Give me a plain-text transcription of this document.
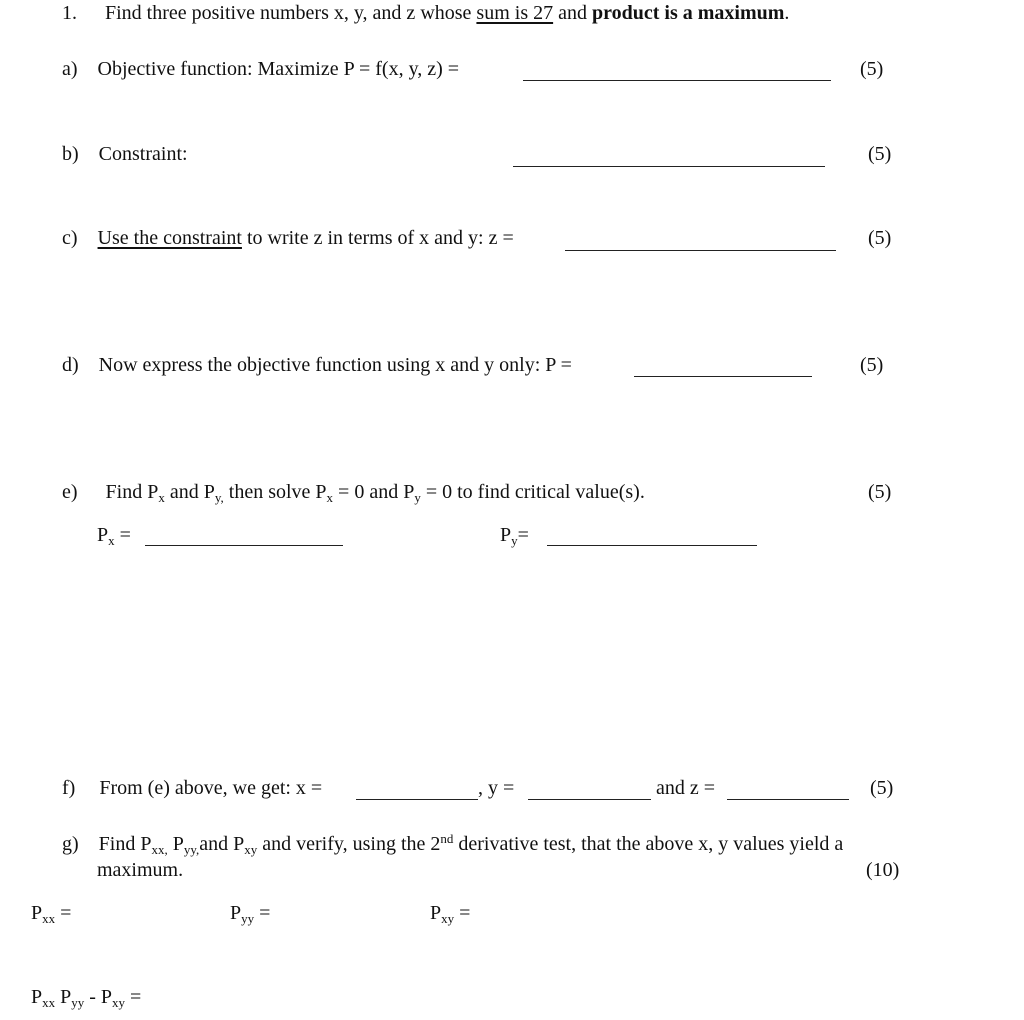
1. Find three positive numbers x, y, and z whose sum is 27 and product is a maximum.
a) Objective function: Maximize P = f(x, y, z) =	(5)
b) Constraint:	(5)
c) Use the constraint to write z in terms of x and y: z =	(5)
d) Now express the objective function using x and y only: P =	(5)
e) Find $P_x$ and $P_{y,}$ then solve $P_x = 0$ and $P_y = 0$ to find critical value(s).	(5)
$P_x$ =	$P_y=$
f) From (e) above, we get: x =	, y =	and z =	(5)
g) Find $P_{xx,}$ $P_{yy,}and$ $P_{xy}$ and verify, using the 2nd derivative test, that the above x, y values yield a
maximum.	(10)
$P_{xx}$ =	$P_{yy}$ =	$P_{xy}$ =
$P_{xx}$ $P_{yy} - P_{xy}$ =
